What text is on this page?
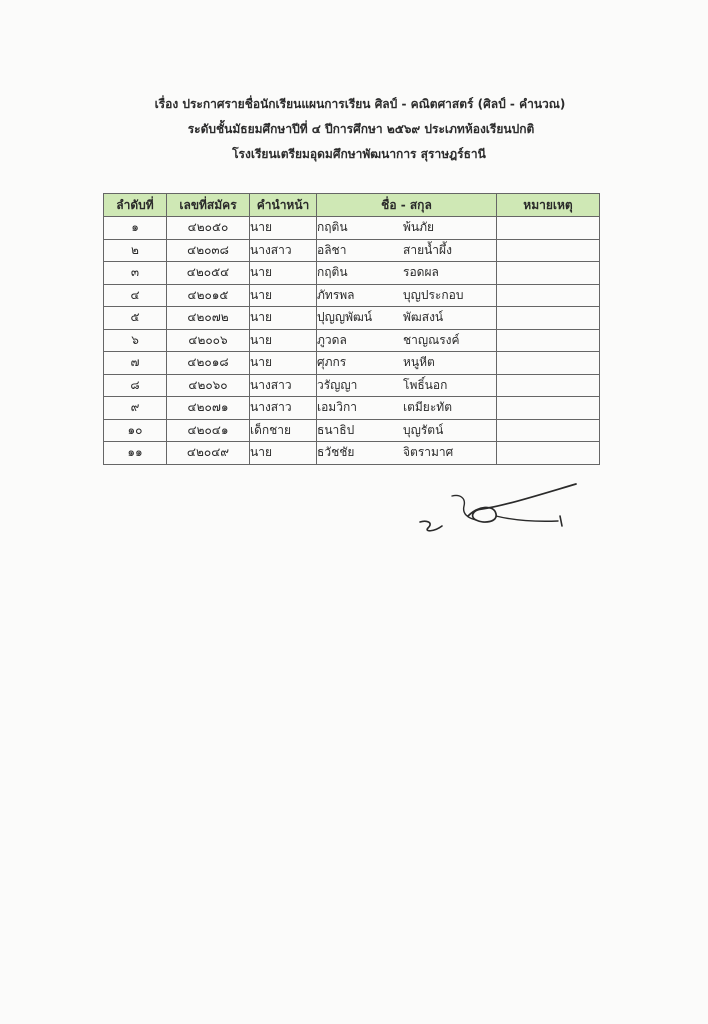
เรื่อง ประกาศรายชื่อนักเรียนแผนการเรียน ศิลป์ - คณิตศาสตร์ (ศิลป์ - คำนวณ)
ระดับชั้นมัธยมศึกษาปีที่ ๔ ปีการศึกษา ๒๕๖๙ ประเภทห้องเรียนปกติ
โรงเรียนเตรียมอุดมศึกษาพัฒนาการ สุราษฎร์ธานี
ลำดับที่	เลขที่สมัคร	คำนำหน้า	ชื่อ - สกุล	หมายเหตุ
๑	๔๒๐๕๐	นาย	กฤติน พ้นภัย	
๒	๔๒๐๓๘	นางสาว	อลิชา สายน้ำผึ้ง	
๓	๔๒๐๕๔	นาย	กฤติน รอดผล	
๔	๔๒๐๑๕	นาย	ภัทรพล บุญประกอบ	
๕	๔๒๐๗๒	นาย	ปุญญพัฒน์ พัฒสงน์	
๖	๔๒๐๐๖	นาย	ภูวดล ชาญณรงค์	
๗	๔๒๐๑๘	นาย	ศุภกร หนูหีต	
๘	๔๒๐๖๐	นางสาว	วรัญญา โพธิ์นอก	
๙	๔๒๐๗๑	นางสาว	เอมวิกา เตมียะทัต	
๑๐	๔๒๐๔๑	เด็กชาย	ธนาธิป บุญรัตน์	
๑๑	๔๒๐๔๙	นาย	ธวัชชัย จิตรามาศ	
